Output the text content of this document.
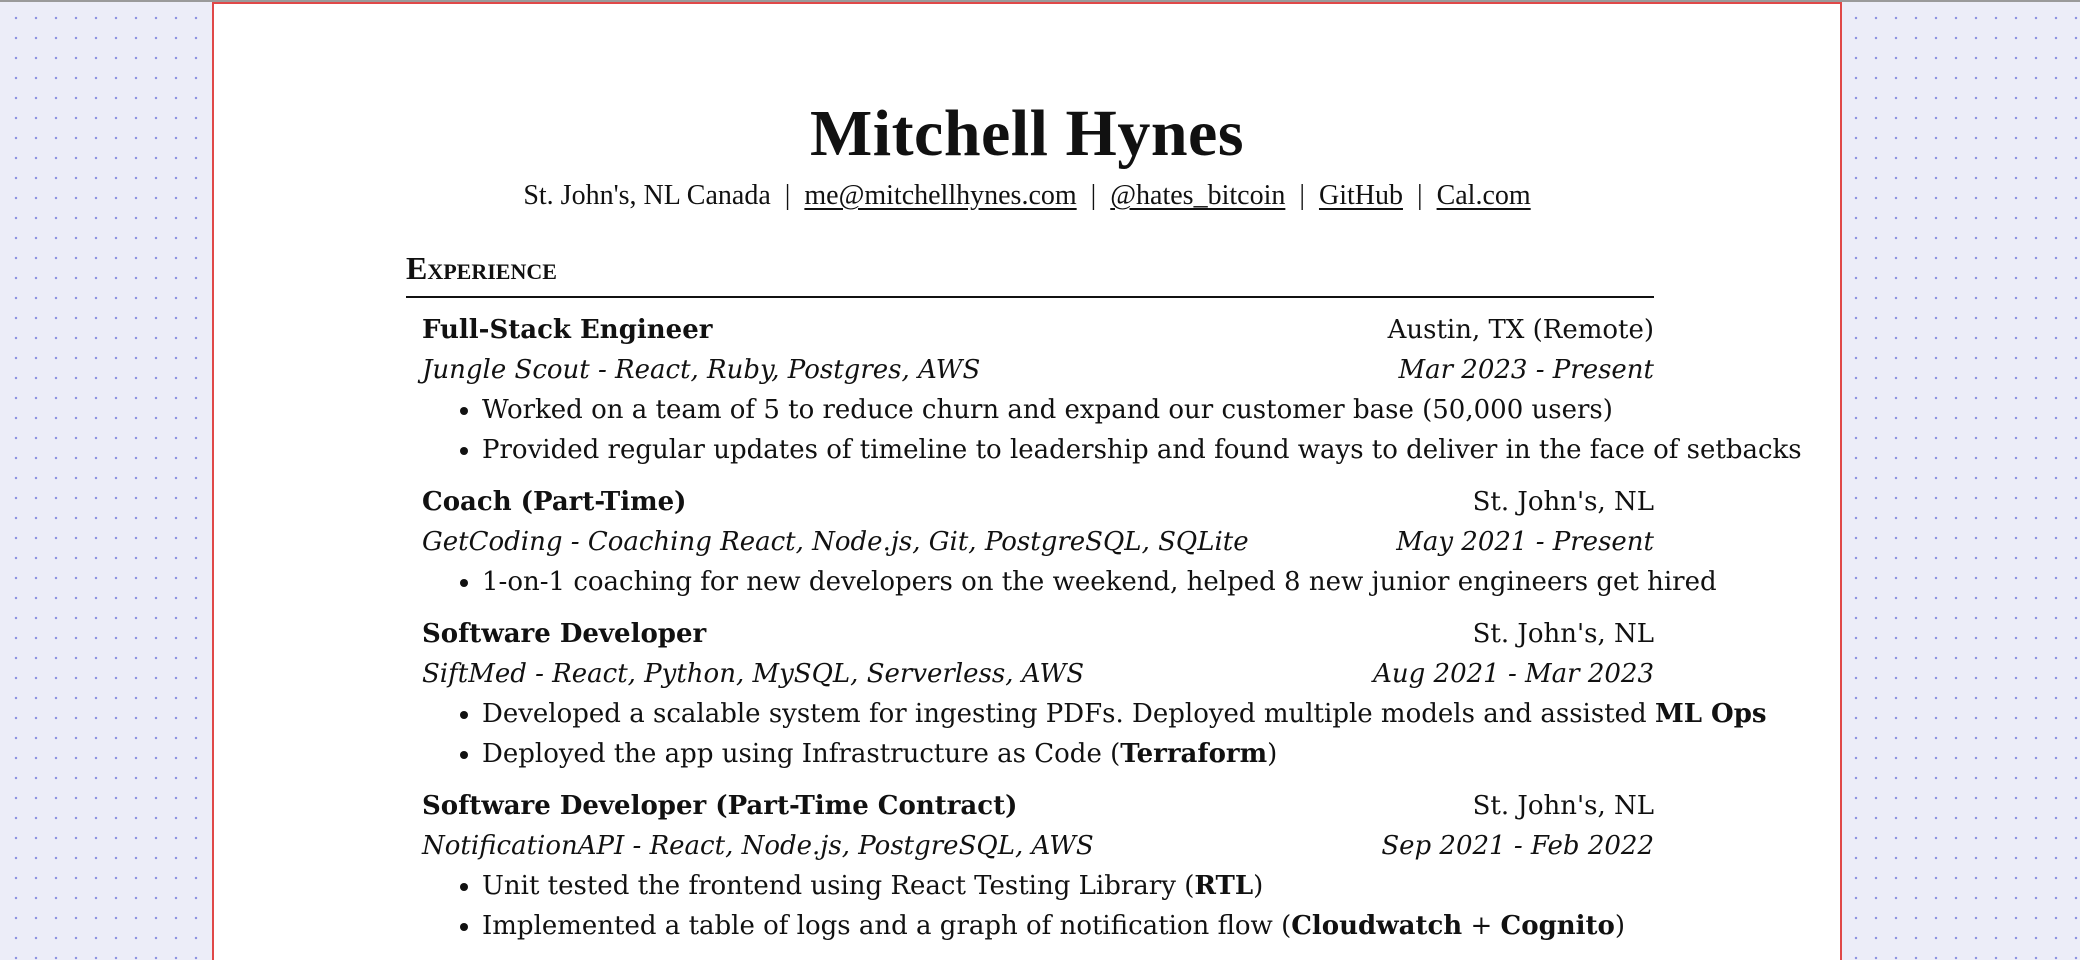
Mitchell Hynes
St. John's, NL Canada | me@mitchellhynes.com | @hates_bitcoin | GitHub | Cal.com
Experience
Full-Stack Engineer	Austin, TX (Remote)
Jungle Scout - React, Ruby, Postgres, AWS	Mar 2023 - Present
• Worked on a team of 5 to reduce churn and expand our customer base (50,000 users)
• Provided regular updates of timeline to leadership and found ways to deliver in the face of setbacks
Coach (Part-Time)	St. John's, NL
GetCoding - Coaching React, Node.js, Git, PostgreSQL, SQLite	May 2021 - Present
• 1-on-1 coaching for new developers on the weekend, helped 8 new junior engineers get hired
Software Developer	St. John's, NL
SiftMed - React, Python, MySQL, Serverless, AWS	Aug 2021 - Mar 2023
• Developed a scalable system for ingesting PDFs. Deployed multiple models and assisted ML Ops
• Deployed the app using Infrastructure as Code (Terraform)
Software Developer (Part-Time Contract)	St. John's, NL
NotificationAPI - React, Node.js, PostgreSQL, AWS	Sep 2021 - Feb 2022
• Unit tested the frontend using React Testing Library (RTL)
• Implemented a table of logs and a graph of notification flow (Cloudwatch + Cognito)
